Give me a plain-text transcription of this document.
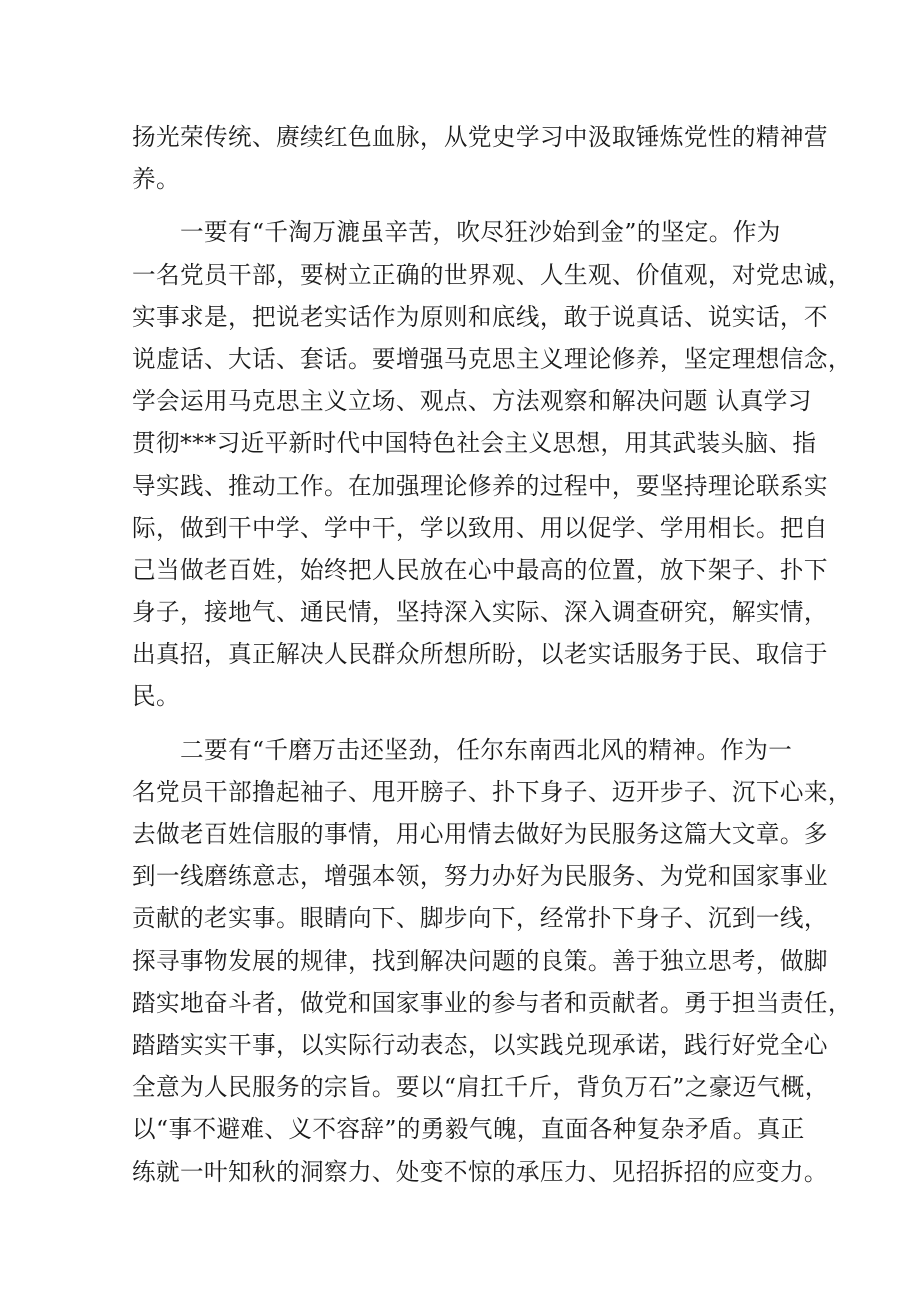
扬光荣传统、赓续红色血脉，从党史学习中汲取锤炼党性的精神营
养。
　　一要有“千淘万漉虽辛苦，吹尽狂沙始到金”的坚定。作为
一名党员干部，要树立正确的世界观、人生观、价值观，对党忠诚，
实事求是，把说老实话作为原则和底线，敢于说真话、说实话，不
说虚话、大话、套话。要增强马克思主义理论修养，坚定理想信念，
学会运用马克思主义立场、观点、方法观察和解决问题 认真学习
贯彻***习近平新时代中国特色社会主义思想，用其武装头脑、指
导实践、推动工作。在加强理论修养的过程中，要坚持理论联系实
际，做到干中学、学中干，学以致用、用以促学、学用相长。把自
己当做老百姓，始终把人民放在心中最高的位置，放下架子、扑下
身子，接地气、通民情，坚持深入实际、深入调查研究，解实情，
出真招，真正解决人民群众所想所盼，以老实话服务于民、取信于
民。
　　二要有“千磨万击还坚劲，任尔东南西北风的精神。作为一
名党员干部撸起袖子、甩开膀子、扑下身子、迈开步子、沉下心来，
去做老百姓信服的事情，用心用情去做好为民服务这篇大文章。多
到一线磨练意志，增强本领，努力办好为民服务、为党和国家事业
贡献的老实事。眼睛向下、脚步向下，经常扑下身子、沉到一线，
探寻事物发展的规律，找到解决问题的良策。善于独立思考，做脚
踏实地奋斗者，做党和国家事业的参与者和贡献者。勇于担当责任，
踏踏实实干事，以实际行动表态，以实践兑现承诺，践行好党全心
全意为人民服务的宗旨。要以“肩扛千斤，背负万石”之豪迈气概，
以“事不避难、义不容辞”的勇毅气魄，直面各种复杂矛盾。真正
练就一叶知秋的洞察力、处变不惊的承压力、见招拆招的应变力。
